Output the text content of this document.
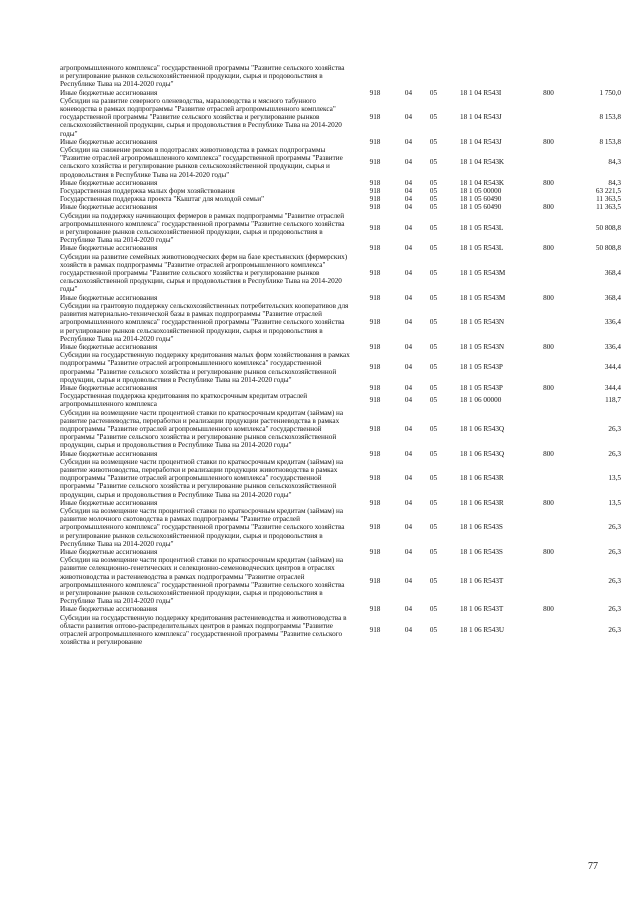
агропромышленного комплекса" государственной программы "Развитие сельского хозяйства и регулирование рынков сельскохозяйственной продукции, сырья и продовольствия в Республике Тыва на 2014-2020 годы"						
Иные бюджетные ассигнования	918	04	05	18 1 04 R543I	800	1 750,0
Субсидии на развитие северного оленеводства, мараловодства и мясного табунного коневодства в рамках подпрограммы "Развитие отраслей агропромышленного комплекса" государственной программы "Развитие сельского хозяйства и регулирование рынков сельскохозяйственной продукции, сырья и продовольствия в Республике Тыва на 2014-2020 годы"	918	04	05	18 1 04 R543J		8 153,8
Иные бюджетные ассигнования	918	04	05	18 1 04 R543J	800	8 153,8
Субсидии на снижение рисков в подотраслях животноводства в рамках подпрограммы "Развитие отраслей агропромышленного комплекса" государственной программы "Развитие сельского хозяйства и регулирование рынков сельскохозяйственной продукции, сырья и продовольствия в Республике Тыва на 2014-2020 годы"	918	04	05	18 1 04 R543K		84,3
Иные бюджетные ассигнования	918	04	05	18 1 04 R543K	800	84,3
Государственная поддержка малых форм хозяйствования	918	04	05	18 1 05 00000		63 221,5
Государственная поддержка проекта "Кыштаг для молодой семьи"	918	04	05	18 1 05 60490		11 363,5
Иные бюджетные ассигнования	918	04	05	18 1 05 60490	800	11 363,5
Субсидии на поддержку начинающих фермеров в рамках подпрограммы "Развитие отраслей агропромышленного комплекса" государственной программы "Развитие сельского хозяйства и регулирование рынков сельскохозяйственной продукции, сырья и продовольствия в Республике Тыва на 2014-2020 годы"	918	04	05	18 1 05 R543L		50 808,8
Иные бюджетные ассигнования	918	04	05	18 1 05 R543L	800	50 808,8
Субсидии на развитие семейных животноводческих ферм на базе крестьянских (фермерских) хозяйств в рамках подпрограммы "Развитие отраслей агропромышленного комплекса" государственной программы "Развитие сельского хозяйства и регулирование рынков сельскохозяйственной продукции, сырья и продовольствия в Республике Тыва на 2014-2020 годы"	918	04	05	18 1 05 R543M		368,4
Иные бюджетные ассигнования	918	04	05	18 1 05 R543M	800	368,4
Субсидии на грантовую поддержку сельскохозяйственных потребительских кооперативов для развития материально-технической базы в рамках подпрограммы "Развитие отраслей агропромышленного комплекса" государственной программы "Развитие сельского хозяйства и регулирование рынков сельскохозяйственной продукции, сырья и продовольствия в Республике Тыва на 2014-2020 годы"	918	04	05	18 1 05 R543N		336,4
Иные бюджетные ассигнования	918	04	05	18 1 05 R543N	800	336,4
Субсидии на государственную поддержку кредитования малых форм хозяйствования в рамках подпрограммы "Развитие отраслей агропромышленного комплекса" государственной программы "Развитие сельского хозяйства и регулирование рынков сельскохозяйственной продукции, сырья и продовольствия в Республике Тыва на 2014-2020 годы"	918	04	05	18 1 05 R543P		344,4
Иные бюджетные ассигнования	918	04	05	18 1 05 R543P	800	344,4
Государственная поддержка кредитования по краткосрочным кредитам отраслей агропромышленного комплекса	918	04	05	18 1 06 00000		118,7
Субсидии на возмещение части процентной ставки по краткосрочным кредитам (займам) на развитие растениеводства, переработки и реализации продукции растениеводства в рамках подпрограммы "Развитие отраслей агропромышленного комплекса" государственной программы "Развитие сельского хозяйства и регулирование рынков сельскохозяйственной продукции, сырья и продовольствия в Республике Тыва на 2014-2020 годы"	918	04	05	18 1 06 R543Q		26,3
Иные бюджетные ассигнования	918	04	05	18 1 06 R543Q	800	26,3
Субсидии на возмещение части процентной ставки по краткосрочным кредитам (займам) на развитие животноводства, переработки и реализации продукции животноводства в рамках подпрограммы "Развитие отраслей агропромышленного комплекса" государственной программы "Развитие сельского хозяйства и регулирование рынков сельскохозяйственной продукции, сырья и продовольствия в Республике Тыва на 2014-2020 годы"	918	04	05	18 1 06 R543R		13,5
Иные бюджетные ассигнования	918	04	05	18 1 06 R543R	800	13,5
Субсидии на возмещение части процентной ставки по краткосрочным кредитам (займам) на развитие молочного скотоводства в рамках подпрограммы "Развитие отраслей агропромышленного комплекса" государственной программы "Развитие сельского хозяйства и регулирование рынков сельскохозяйственной продукции, сырья и продовольствия в Республике Тыва на 2014-2020 годы"	918	04	05	18 1 06 R543S		26,3
Иные бюджетные ассигнования	918	04	05	18 1 06 R543S	800	26,3
Субсидии на возмещение части процентной ставки по краткосрочным кредитам (займам) на развитие селекционно-генетических и селекционно-семеноводческих центров в отраслях животноводства и растениеводства в рамках подпрограммы "Развитие отраслей агропромышленного комплекса" государственной программы "Развитие сельского хозяйства и регулирование рынков сельскохозяйственной продукции, сырья и продовольствия в Республике Тыва на 2014-2020 годы"	918	04	05	18 1 06 R543T		26,3
Иные бюджетные ассигнования	918	04	05	18 1 06 R543T	800	26,3
Субсидии на государственную поддержку кредитования растениеводства и животноводства в области развития оптово-распределительных центров в рамках подпрограммы "Развитие отраслей агропромышленного комплекса" государственной программы "Развитие сельского хозяйства и регулирование	918	04	05	18 1 06 R543U		26,3
77
